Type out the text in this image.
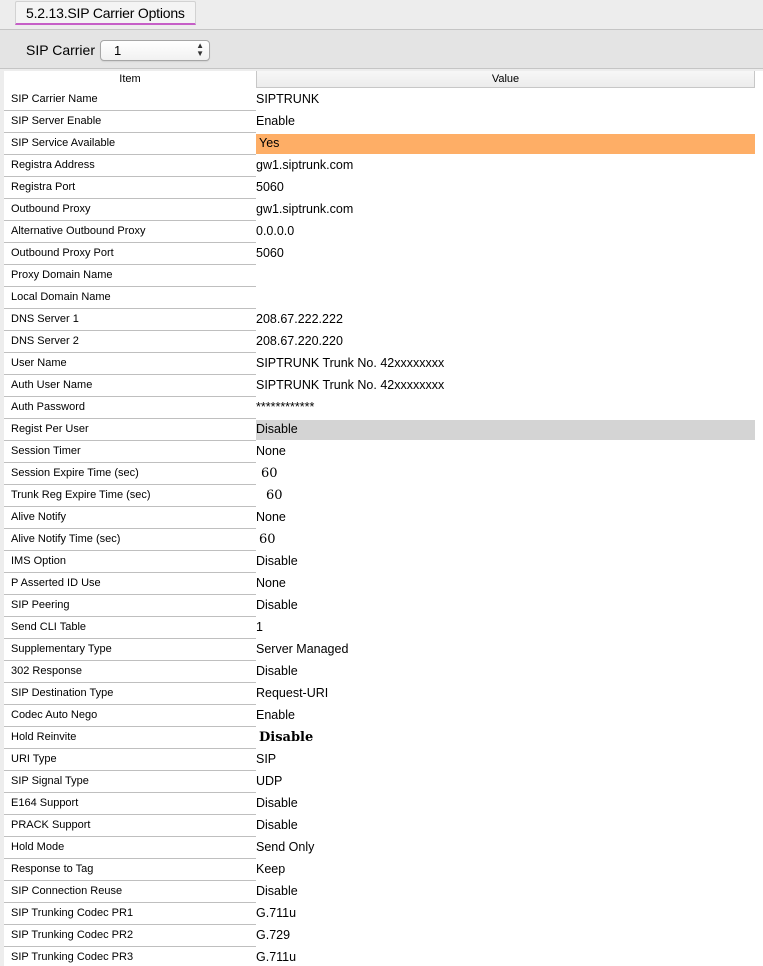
5.2.13.SIP Carrier Options
SIP Carrier	1	▲
▼
Item	Value
SIP Carrier Name	SIPTRUNK
SIP Server Enable	Enable
SIP Service Available	Yes
Registra Address	gw1.siptrunk.com
Registra Port	5060
Outbound Proxy	gw1.siptrunk.com
Alternative Outbound Proxy	0.0.0.0
Outbound Proxy Port	5060
Proxy Domain Name
Local Domain Name
DNS Server 1	208.67.222.222
DNS Server 2	208.67.220.220
User Name	SIPTRUNK Trunk No. 42xxxxxxxx
Auth User Name	SIPTRUNK Trunk No. 42xxxxxxxx
Auth Password	************
Regist Per User	Disable
Session Timer	None
Session Expire Time (sec)	60
Trunk Reg Expire Time (sec)	60
Alive Notify	None
Alive Notify Time (sec)	60
IMS Option	Disable
P Asserted ID Use	None
SIP Peering	Disable
Send CLI Table	1
Supplementary Type	Server Managed
302 Response	Disable
SIP Destination Type	Request-URI
Codec Auto Nego	Enable
Hold Reinvite	Disable
URI Type	SIP
SIP Signal Type	UDP
E164 Support	Disable
PRACK Support	Disable
Hold Mode	Send Only
Response to Tag	Keep
SIP Connection Reuse	Disable
SIP Trunking Codec PR1	G.711u
SIP Trunking Codec PR2	G.729
SIP Trunking Codec PR3	G.711u
